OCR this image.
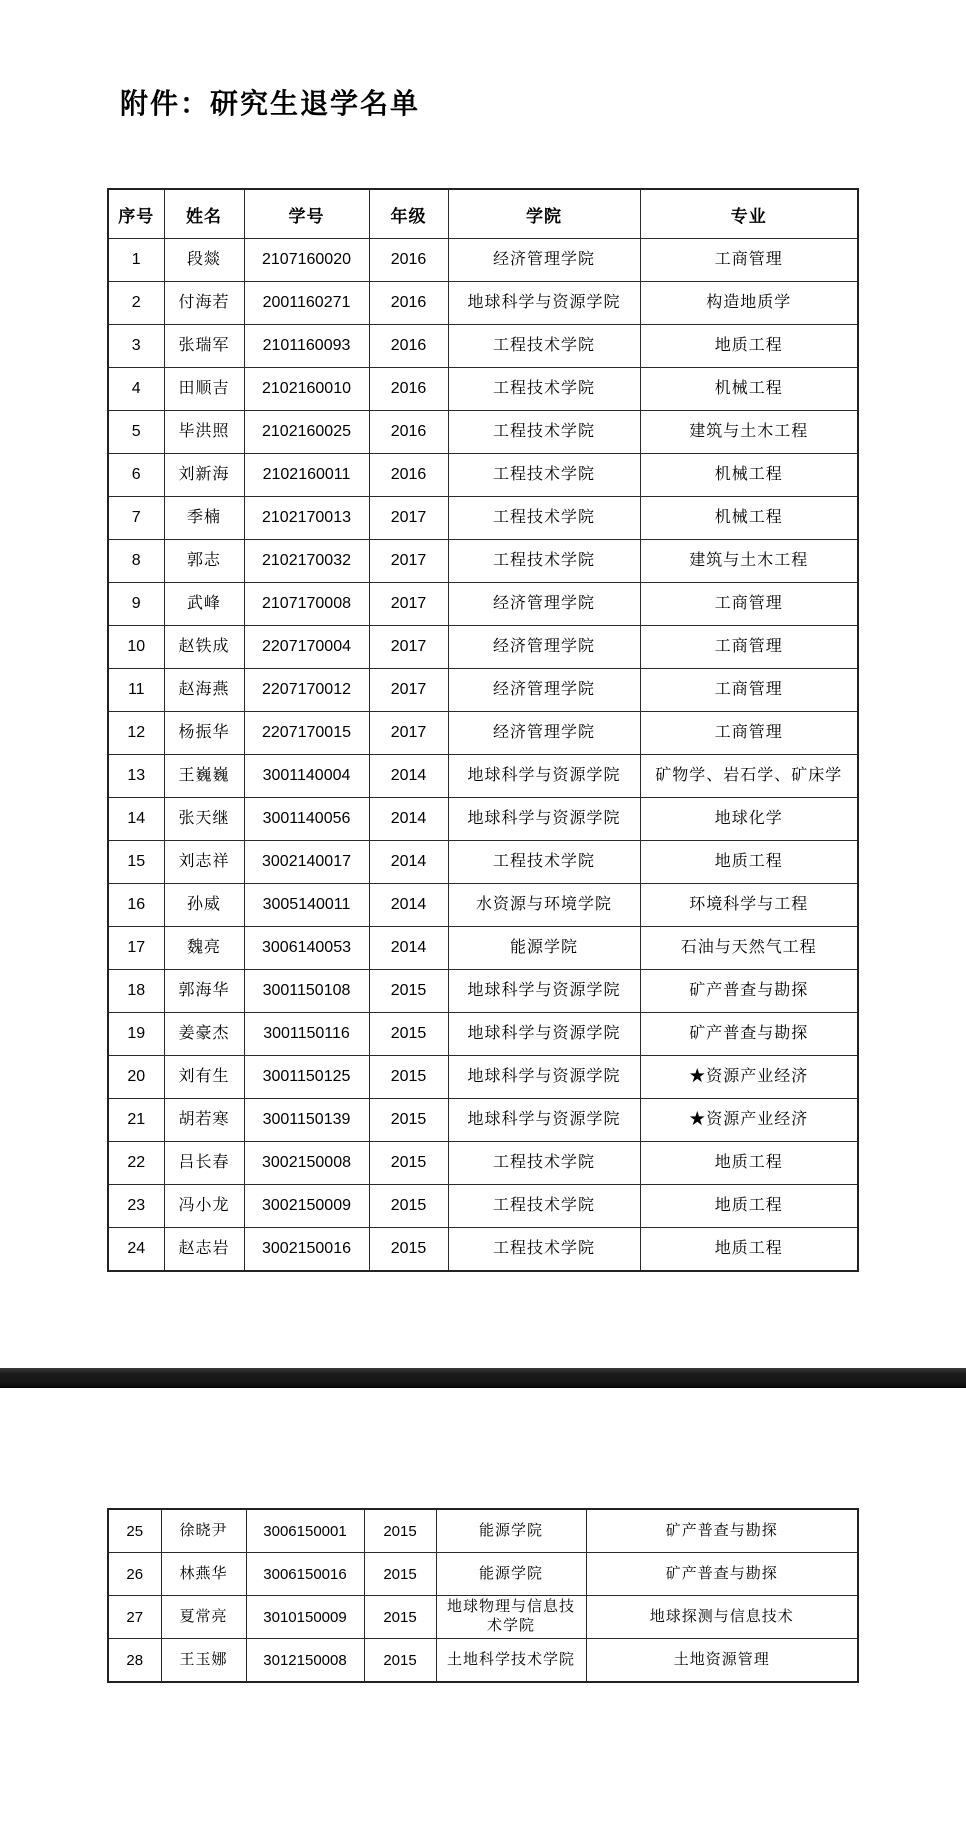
附件：研究生退学名单
序号	姓名	学号	年级	学院	专业
1	段燚	2107160020	2016	经济管理学院	工商管理
2	付海若	2001160271	2016	地球科学与资源学院	构造地质学
3	张瑞军	2101160093	2016	工程技术学院	地质工程
4	田顺吉	2102160010	2016	工程技术学院	机械工程
5	毕洪照	2102160025	2016	工程技术学院	建筑与土木工程
6	刘新海	2102160011	2016	工程技术学院	机械工程
7	季楠	2102170013	2017	工程技术学院	机械工程
8	郭志	2102170032	2017	工程技术学院	建筑与土木工程
9	武峰	2107170008	2017	经济管理学院	工商管理
10	赵铁成	2207170004	2017	经济管理学院	工商管理
11	赵海燕	2207170012	2017	经济管理学院	工商管理
12	杨振华	2207170015	2017	经济管理学院	工商管理
13	王巍巍	3001140004	2014	地球科学与资源学院	矿物学、岩石学、矿床学
14	张天继	3001140056	2014	地球科学与资源学院	地球化学
15	刘志祥	3002140017	2014	工程技术学院	地质工程
16	孙威	3005140011	2014	水资源与环境学院	环境科学与工程
17	魏亮	3006140053	2014	能源学院	石油与天然气工程
18	郭海华	3001150108	2015	地球科学与资源学院	矿产普查与勘探
19	姜豪杰	3001150116	2015	地球科学与资源学院	矿产普查与勘探
20	刘有生	3001150125	2015	地球科学与资源学院	★资源产业经济
21	胡若寒	3001150139	2015	地球科学与资源学院	★资源产业经济
22	吕长春	3002150008	2015	工程技术学院	地质工程
23	冯小龙	3002150009	2015	工程技术学院	地质工程
24	赵志岩	3002150016	2015	工程技术学院	地质工程
25	徐晓尹	3006150001	2015	能源学院	矿产普查与勘探
26	林燕华	3006150016	2015	能源学院	矿产普查与勘探
27	夏常亮	3010150009	2015	地球物理与信息技术学院	地球探测与信息技术
28	王玉娜	3012150008	2015	土地科学技术学院	土地资源管理
